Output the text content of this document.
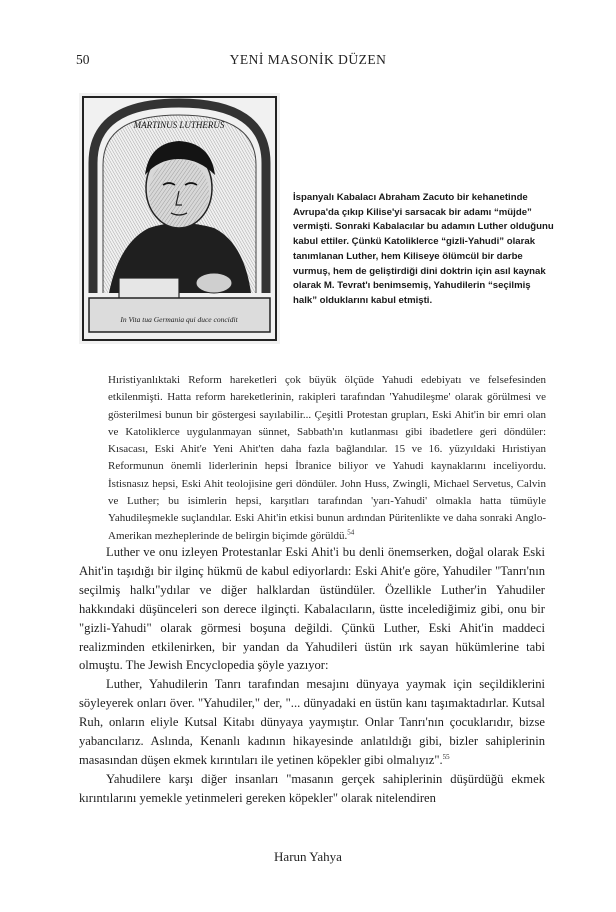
50	YENİ MASONİK DÜZEN
MARTINUS LUTHERUS
In Vita tua Germania qui duce concidit
İspanyalı Kabalacı Abraham Zacuto bir kehanetinde Avrupa'da çıkıp Kilise'yi sarsacak bir adamı “müjde” vermişti. Sonraki Kabalacılar bu adamın Luther olduğunu kabul ettiler. Çünkü Katoliklerce “gizli-Yahudi” olarak tanımlanan Luther, hem Kiliseye ölümcül bir darbe vurmuş, hem de geliştirdiği dini doktrin için asıl kaynak olarak M. Tevrat'ı benimsemiş, Yahudilerin “seçilmiş halk” olduklarını kabul etmişti.
Hıristiyanlıktaki Reform hareketleri çok büyük ölçüde Yahudi edebiyatı ve felsefesinden etkilenmişti. Hatta reform hareketlerinin, rakipleri tarafından 'Yahudileşme' olarak görülmesi ve gösterilmesi bunun bir göstergesi sayılabilir... Çeşitli Protestan grupları, Eski Ahit'in bir emri olan ve Katoliklerce uygulanmayan sünnet, Sabbath'ın kutlanması gibi ibadetlere geri döndüler: Kısacası, Eski Ahit'e Yeni Ahit'ten daha fazla bağlandılar. 15 ve 16. yüzyıldaki Hıristiyan Reformunun önemli liderlerinin hepsi İbranice biliyor ve Yahudi kaynaklarını inceliyordu. İstisnasız hepsi, Eski Ahit teolojisine geri döndüler. John Huss, Zwingli, Michael Servetus, Calvin ve Luther; bu isimlerin hepsi, karşıtları tarafından 'yarı-Yahudi' olmakla hatta tümüyle Yahudileşmekle suçlandılar. Eski Ahit'in etkisi bunun ardından Püritenlikte ve daha sonraki Anglo-Amerikan mezheplerinde de belirgin biçimde görüldü.$^{54}$

Luther ve onu izleyen Protestanlar Eski Ahit'i bu denli önemserken, doğal olarak Eski Ahit'in taşıdığı bir ilginç hükmü de kabul ediyorlardı: Eski Ahit'e göre, Yahudiler "Tanrı'nın seçilmiş halkı"ydılar ve diğer halklardan üstündüler. Özellikle Luther'in Yahudiler hakkındaki düşünceleri son derece ilginçti. Kabalacıların, üstte incelediğimiz gibi, onu bir "gizli-Yahudi" olarak görmesi boşuna değildi. Çünkü Luther, Eski Ahit'in maddeci realizminden etkilenirken, bir yandan da Yahudileri üstün ırk sayan hükümlerine tabi olmuştu. The Jewish Encyclopedia şöyle yazıyor:

Luther, Yahudilerin Tanrı tarafından mesajını dünyaya yaymak için seçildiklerini söyleyerek onları över. "Yahudiler," der, "... dünyadaki en üstün kanı taşımaktadırlar. Kutsal Ruh, onların eliyle Kutsal Kitabı dünyaya yaymıştır. Onlar Tanrı'nın çocuklarıdır, bizse yabancılarız. Aslında, Kenanlı kadının hikayesinde anlatıldığı gibi, bizler sahiplerinin masasından düşen ekmek kırıntıları ile yetinen köpekler gibi olmalıyız".$^{55}$

Yahudilere karşı diğer insanları "masanın gerçek sahiplerinin düşürdüğü ekmek kırıntılarını yemekle yetinmeleri gereken köpekler" olarak nitelendiren

Harun Yahya
